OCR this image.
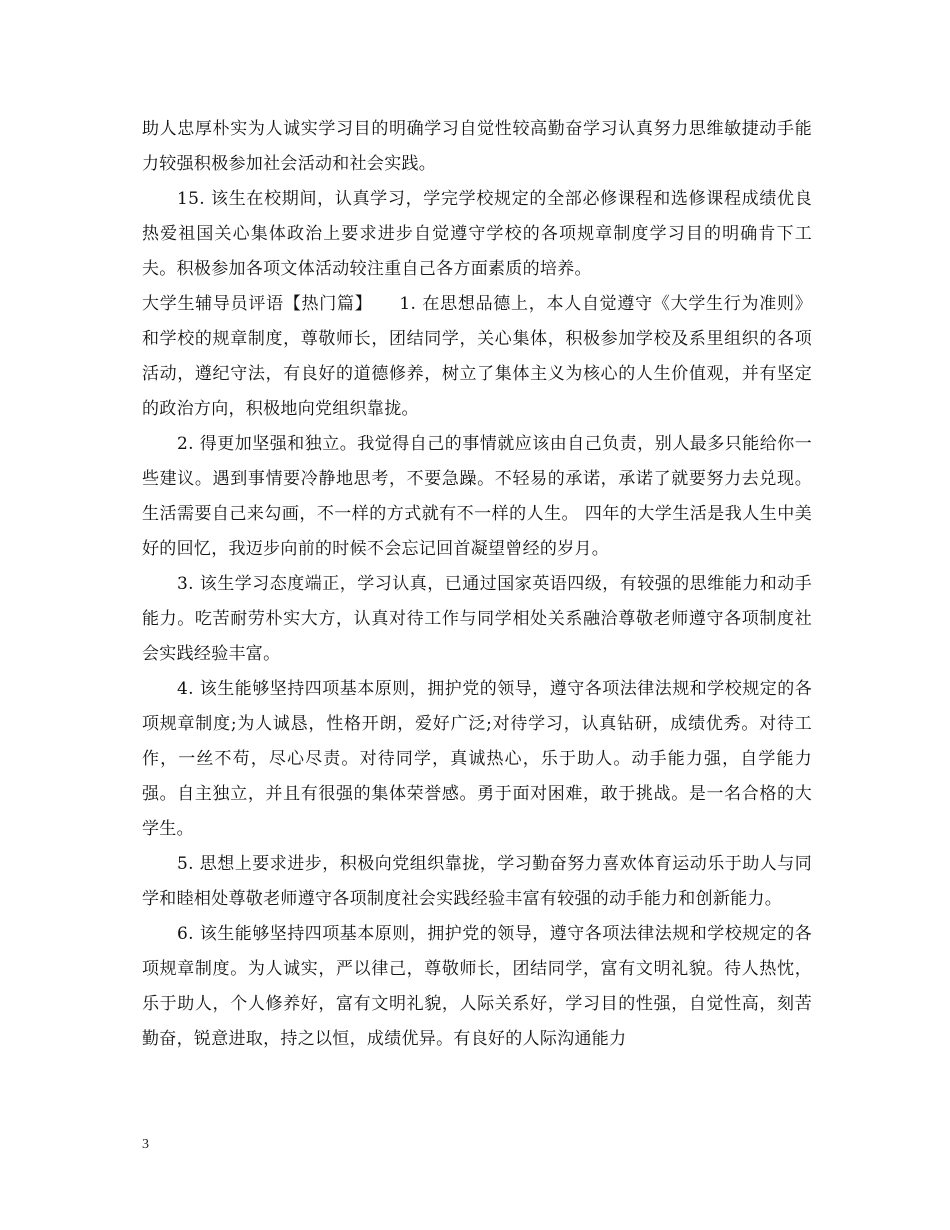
助人忠厚朴实为人诚实学习目的明确学习自觉性较高勤奋学习认真努力思维敏捷动手能力较强积极参加社会活动和社会实践。

15. 该生在校期间，认真学习，学完学校规定的全部必修课程和选修课程成绩优良热爱祖国关心集体政治上要求进步自觉遵守学校的各项规章制度学习目的明确肯下工夫。积极参加各项文体活动较注重自己各方面素质的培养。

大学生辅导员评语【热门篇】　　1. 在思想品德上，本人自觉遵守《大学生行为准则》和学校的规章制度，尊敬师长，团结同学，关心集体，积极参加学校及系里组织的各项活动，遵纪守法，有良好的道德修养，树立了集体主义为核心的人生价值观，并有坚定的政治方向，积极地向党组织靠拢。

2. 得更加坚强和独立。我觉得自己的事情就应该由自己负责，别人最多只能给你一些建议。遇到事情要冷静地思考，不要急躁。不轻易的承诺，承诺了就要努力去兑现。生活需要自己来勾画，不一样的方式就有不一样的人生。 四年的大学生活是我人生中美好的回忆，我迈步向前的时候不会忘记回首凝望曾经的岁月。

3. 该生学习态度端正，学习认真，已通过国家英语四级，有较强的思维能力和动手能力。吃苦耐劳朴实大方，认真对待工作与同学相处关系融洽尊敬老师遵守各项制度社会实践经验丰富。

4. 该生能够坚持四项基本原则，拥护党的领导，遵守各项法律法规和学校规定的各项规章制度;为人诚恳，性格开朗，爱好广泛;对待学习，认真钻研，成绩优秀。对待工作，一丝不苟，尽心尽责。对待同学，真诚热心，乐于助人。动手能力强，自学能力强。自主独立，并且有很强的集体荣誉感。勇于面对困难，敢于挑战。是一名合格的大学生。

5. 思想上要求进步，积极向党组织靠拢，学习勤奋努力喜欢体育运动乐于助人与同学和睦相处尊敬老师遵守各项制度社会实践经验丰富有较强的动手能力和创新能力。

6. 该生能够坚持四项基本原则，拥护党的领导，遵守各项法律法规和学校规定的各项规章制度。为人诚实，严以律己，尊敬师长，团结同学，富有文明礼貌。待人热忱，乐于助人，个人修养好，富有文明礼貌，人际关系好，学习目的性强，自觉性高，刻苦勤奋，锐意进取，持之以恒，成绩优异。有良好的人际沟通能力

3
